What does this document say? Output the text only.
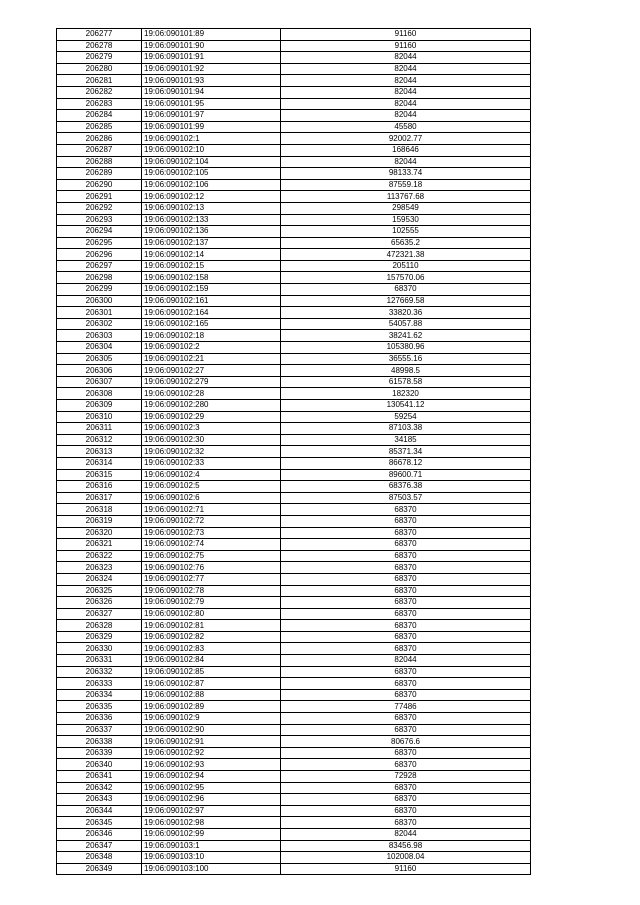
206277	19:06:090101:89	91160
206278	19:06:090101:90	91160
206279	19:06:090101:91	82044
206280	19:06:090101:92	82044
206281	19:06:090101:93	82044
206282	19:06:090101:94	82044
206283	19:06:090101:95	82044
206284	19:06:090101:97	82044
206285	19:06:090101:99	45580
206286	19:06:090102:1	92002.77
206287	19:06:090102:10	168646
206288	19:06:090102:104	82044
206289	19:06:090102:105	98133.74
206290	19:06:090102:106	87559.18
206291	19:06:090102:12	113767.68
206292	19:06:090102:13	298549
206293	19:06:090102:133	159530
206294	19:06:090102:136	102555
206295	19:06:090102:137	65635.2
206296	19:06:090102:14	472321.38
206297	19:06:090102:15	205110
206298	19:06:090102:158	157570.06
206299	19:06:090102:159	68370
206300	19:06:090102:161	127669.58
206301	19:06:090102:164	33820.36
206302	19:06:090102:165	54057.88
206303	19:06:090102:18	38241.62
206304	19:06:090102:2	105380.96
206305	19:06:090102:21	36555.16
206306	19:06:090102:27	48998.5
206307	19:06:090102:279	61578.58
206308	19:06:090102:28	182320
206309	19:06:090102:280	130541.12
206310	19:06:090102:29	59254
206311	19:06:090102:3	87103.38
206312	19:06:090102:30	34185
206313	19:06:090102:32	85371.34
206314	19:06:090102:33	86678.12
206315	19:06:090102:4	89600.71
206316	19:06:090102:5	68376.38
206317	19:06:090102:6	87503.57
206318	19:06:090102:71	68370
206319	19:06:090102:72	68370
206320	19:06:090102:73	68370
206321	19:06:090102:74	68370
206322	19:06:090102:75	68370
206323	19:06:090102:76	68370
206324	19:06:090102:77	68370
206325	19:06:090102:78	68370
206326	19:06:090102:79	68370
206327	19:06:090102:80	68370
206328	19:06:090102:81	68370
206329	19:06:090102:82	68370
206330	19:06:090102:83	68370
206331	19:06:090102:84	82044
206332	19:06:090102:85	68370
206333	19:06:090102:87	68370
206334	19:06:090102:88	68370
206335	19:06:090102:89	77486
206336	19:06:090102:9	68370
206337	19:06:090102:90	68370
206338	19:06:090102:91	80676.6
206339	19:06:090102:92	68370
206340	19:06:090102:93	68370
206341	19:06:090102:94	72928
206342	19:06:090102:95	68370
206343	19:06:090102:96	68370
206344	19:06:090102:97	68370
206345	19:06:090102:98	68370
206346	19:06:090102:99	82044
206347	19:06:090103:1	83456.98
206348	19:06:090103:10	102008.04
206349	19:06:090103:100	91160
